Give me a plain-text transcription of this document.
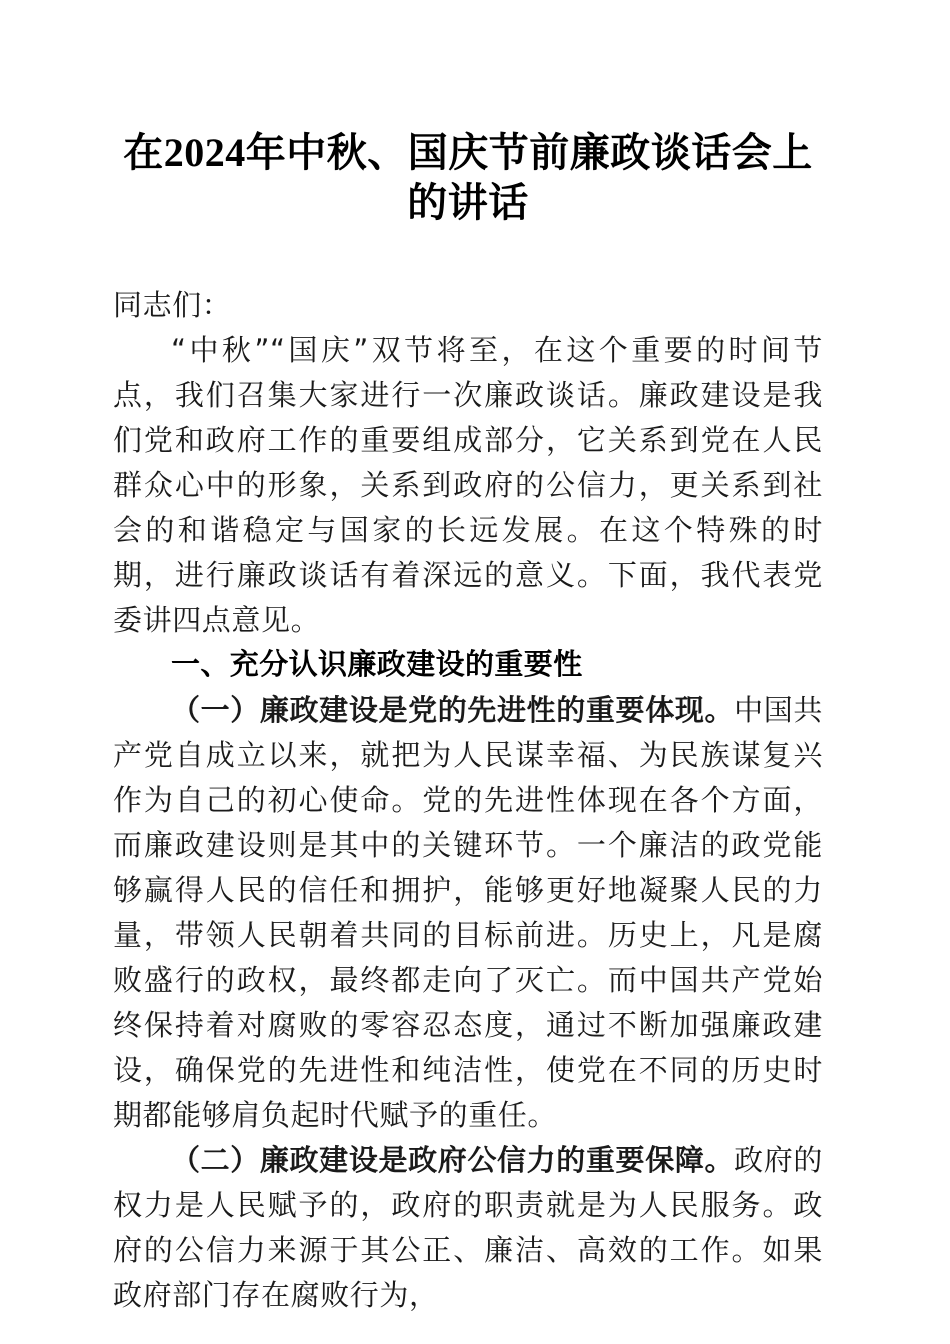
在2024年中秋、国庆节前廉政谈话会上的讲话

同志们：

“中秋”“国庆”双节将至，在这个重要的时间节点，我们召集大家进行一次廉政谈话。廉政建设是我们党和政府工作的重要组成部分，它关系到党在人民群众心中的形象，关系到政府的公信力，更关系到社会的和谐稳定与国家的长远发展。在这个特殊的时期，进行廉政谈话有着深远的意义。下面，我代表党委讲四点意见。

一、充分认识廉政建设的重要性

（一）廉政建设是党的先进性的重要体现。中国共产党自成立以来，就把为人民谋幸福、为民族谋复兴作为自己的初心使命。党的先进性体现在各个方面，而廉政建设则是其中的关键环节。一个廉洁的政党能够赢得人民的信任和拥护，能够更好地凝聚人民的力量，带领人民朝着共同的目标前进。历史上，凡是腐败盛行的政权，最终都走向了灭亡。而中国共产党始终保持着对腐败的零容忍态度，通过不断加强廉政建设，确保党的先进性和纯洁性，使党在不同的历史时期都能够肩负起时代赋予的重任。

（二）廉政建设是政府公信力的重要保障。政府的权力是人民赋予的，政府的职责就是为人民服务。政府的公信力来源于其公正、廉洁、高效的工作。如果政府部门存在腐败行为，
